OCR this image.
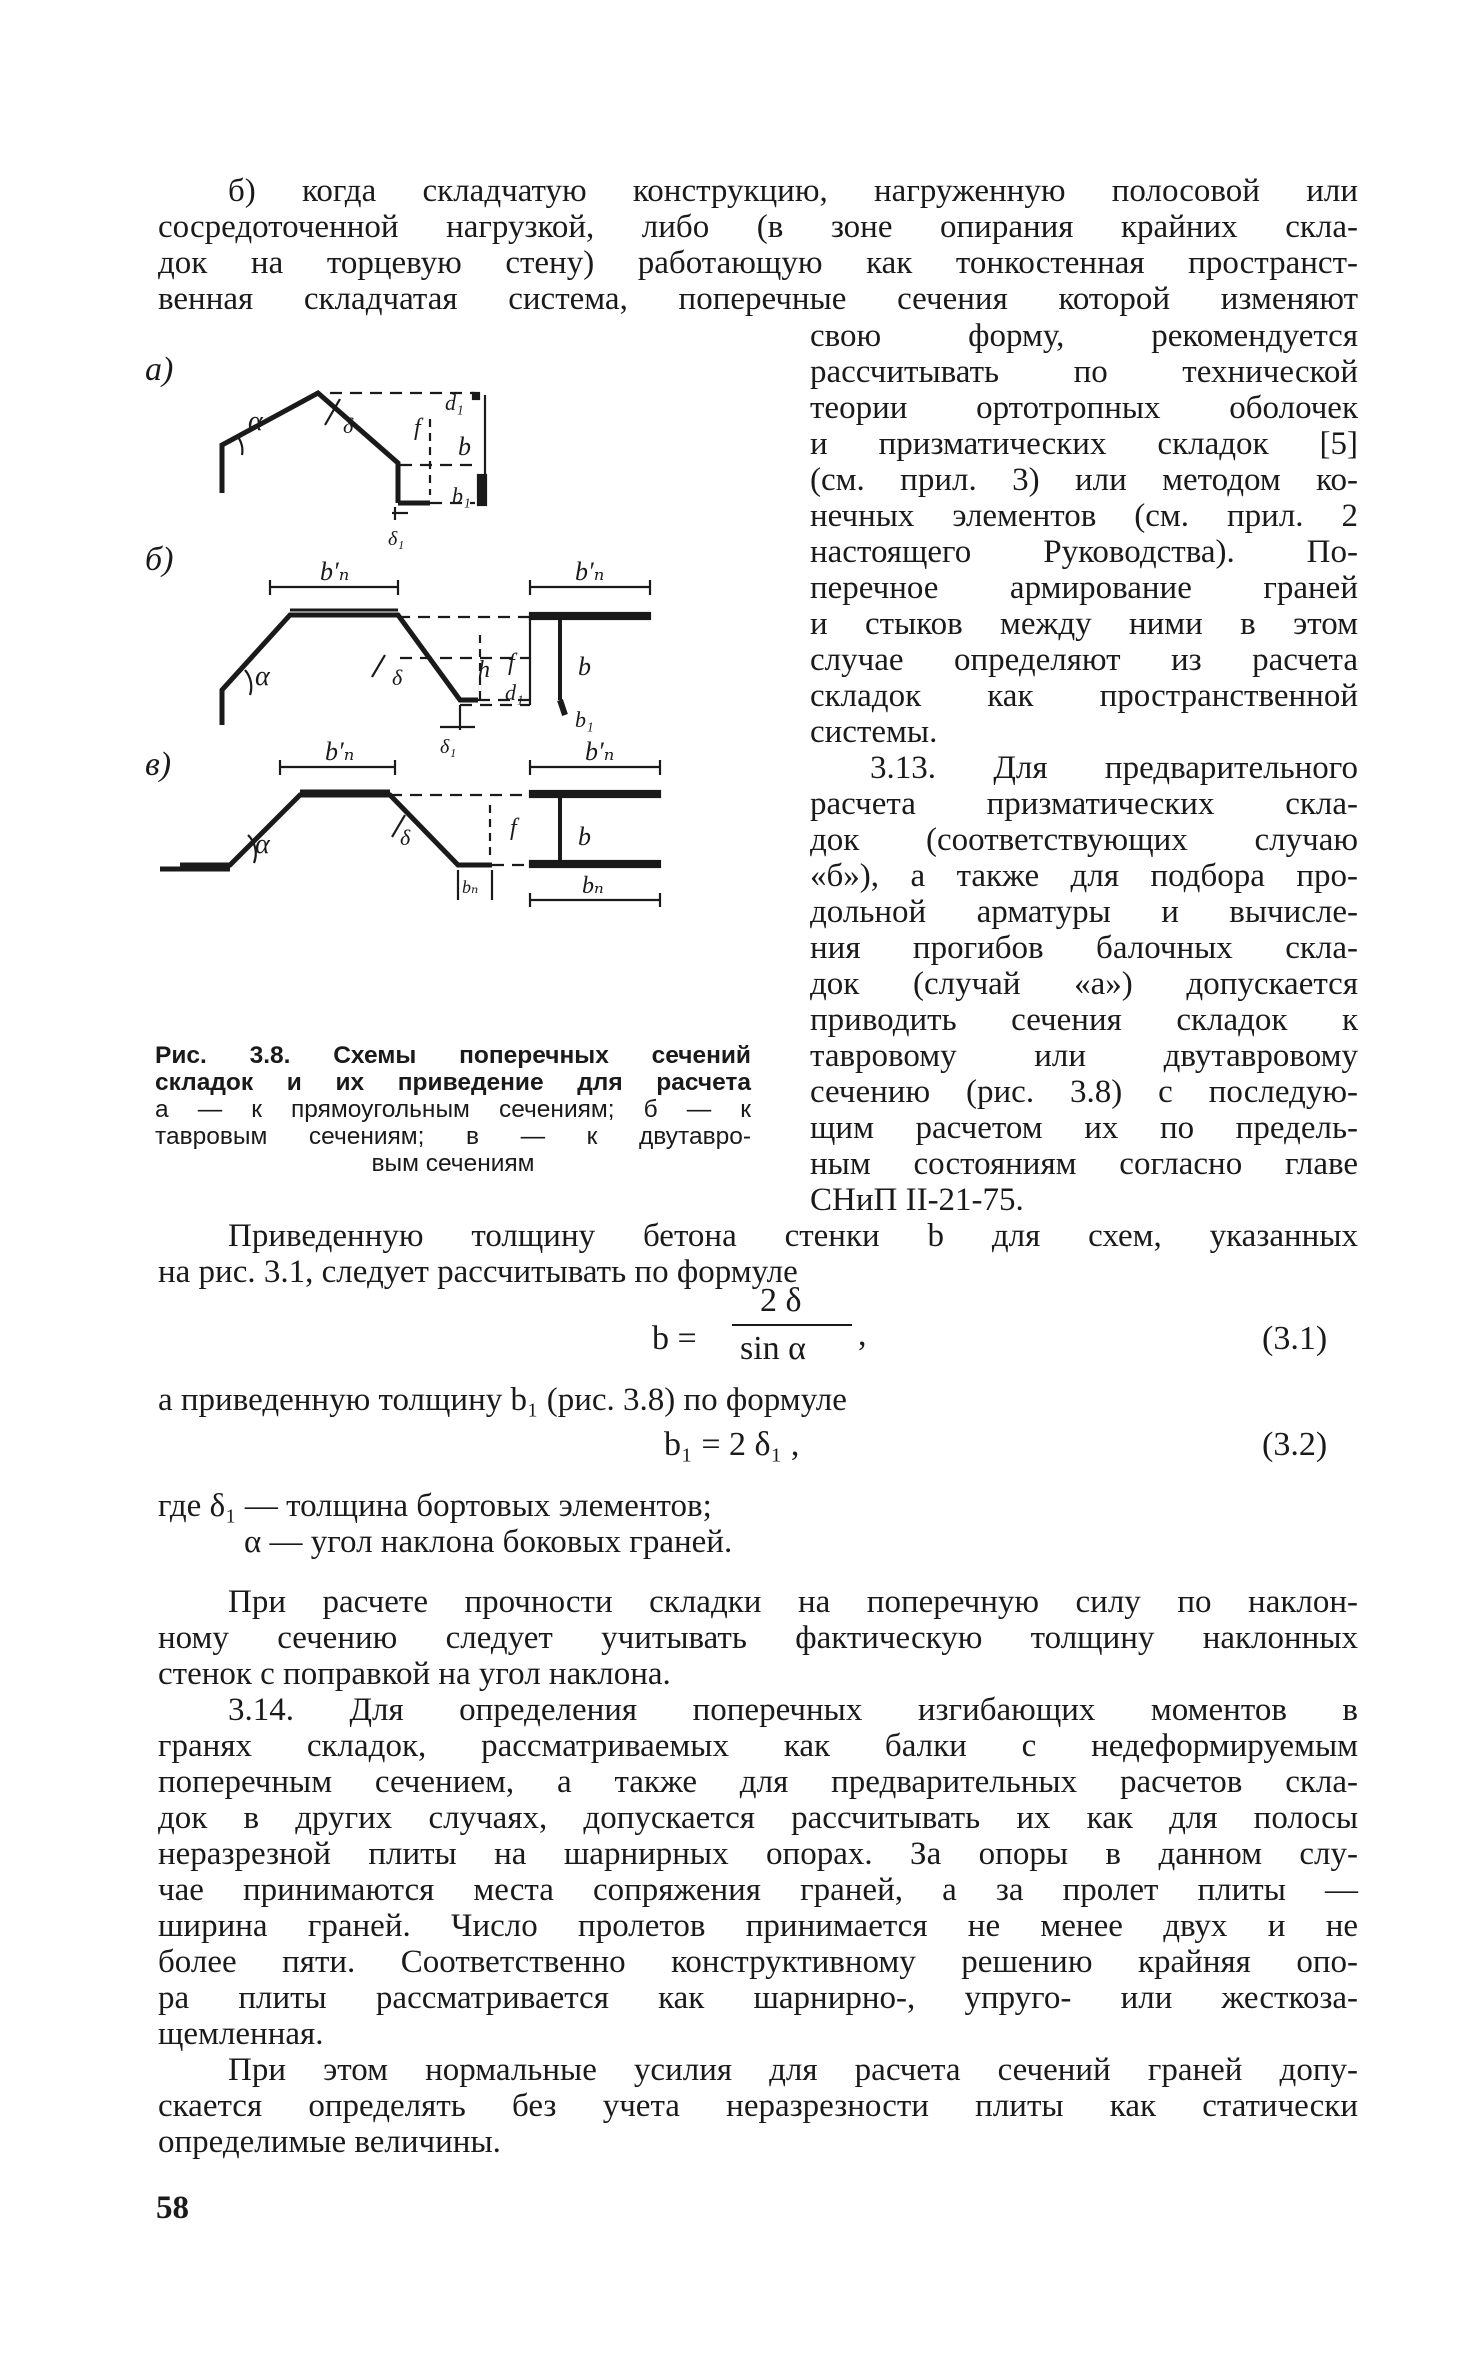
б) когда складчатую конструкцию, нагруженную полосовой или
сосредоточенной нагрузкой, либо (в зоне опирания крайних скла-
док на торцевую стену) работающую как тонкостенная пространст-
венная складчатая система, поперечные сечения которой изменяют
свою форму, рекомендуется
рассчитывать по технической
теории ортотропных оболочек
и призматических складок [5]
(см. прил. 3) или методом ко-
нечных элементов (см. прил. 2
настоящего Руководства). По-
перечное армирование граней
и стыков между ними в этом
случае определяют из расчета
складок как пространственной
системы.
3.13. Для предварительного
расчета призматических скла-
док (соответствующих случаю
«б»), а также для подбора про-
дольной арматуры и вычисле-
ния прогибов балочных скла-
док (случай «а») допускается
приводить сечения складок к
тавровому или двутавровому
сечению (рис. 3.8) с последую-
щим расчетом их по предель-
ным состояниям согласно главе
СНиП II-21-75.
а)
α	δ	f
d₁
b
b₁
δ₁
б)	b′ₙ	b′ₙ
α	δ	h f
d₁
b
b₁
δ₁
в)	b′ₙ	b′ₙ
α	δ	f b
bₙ
bₙ
Рис. 3.8. Схемы поперечных сечений
складок и их приведение для расчета
а — к прямоугольным сечениям; б — к
тавровым сечениям; в — к двутавро-
вым сечениям
Приведенную толщину бетона стенки b для схем, указанных
на рис. 3.1, следует рассчитывать по формуле
b =
2 δ
sin α ,	(3.1)
а приведенную толщину b₁ (рис. 3.8) по формуле
b₁ = 2 δ₁ ,	(3.2)
где δ₁ — толщина бортовых элементов;
α — угол наклона боковых граней.
При расчете прочности складки на поперечную силу по наклон-
ному сечению следует учитывать фактическую толщину наклонных
стенок с поправкой на угол наклона.
3.14. Для определения поперечных изгибающих моментов в
гранях складок, рассматриваемых как балки с недеформируемым
поперечным сечением, а также для предварительных расчетов скла-
док в других случаях, допускается рассчитывать их как для полосы
неразрезной плиты на шарнирных опорах. За опоры в данном слу-
чае принимаются места сопряжения граней, а за пролет плиты —
ширина граней. Число пролетов принимается не менее двух и не
более пяти. Соответственно конструктивному решению крайняя опо-
ра плиты рассматривается как шарнирно-, упруго- или жесткоза-
щемленная.
При этом нормальные усилия для расчета сечений граней допу-
скается определять без учета неразрезности плиты как статически
определимые величины.
58
